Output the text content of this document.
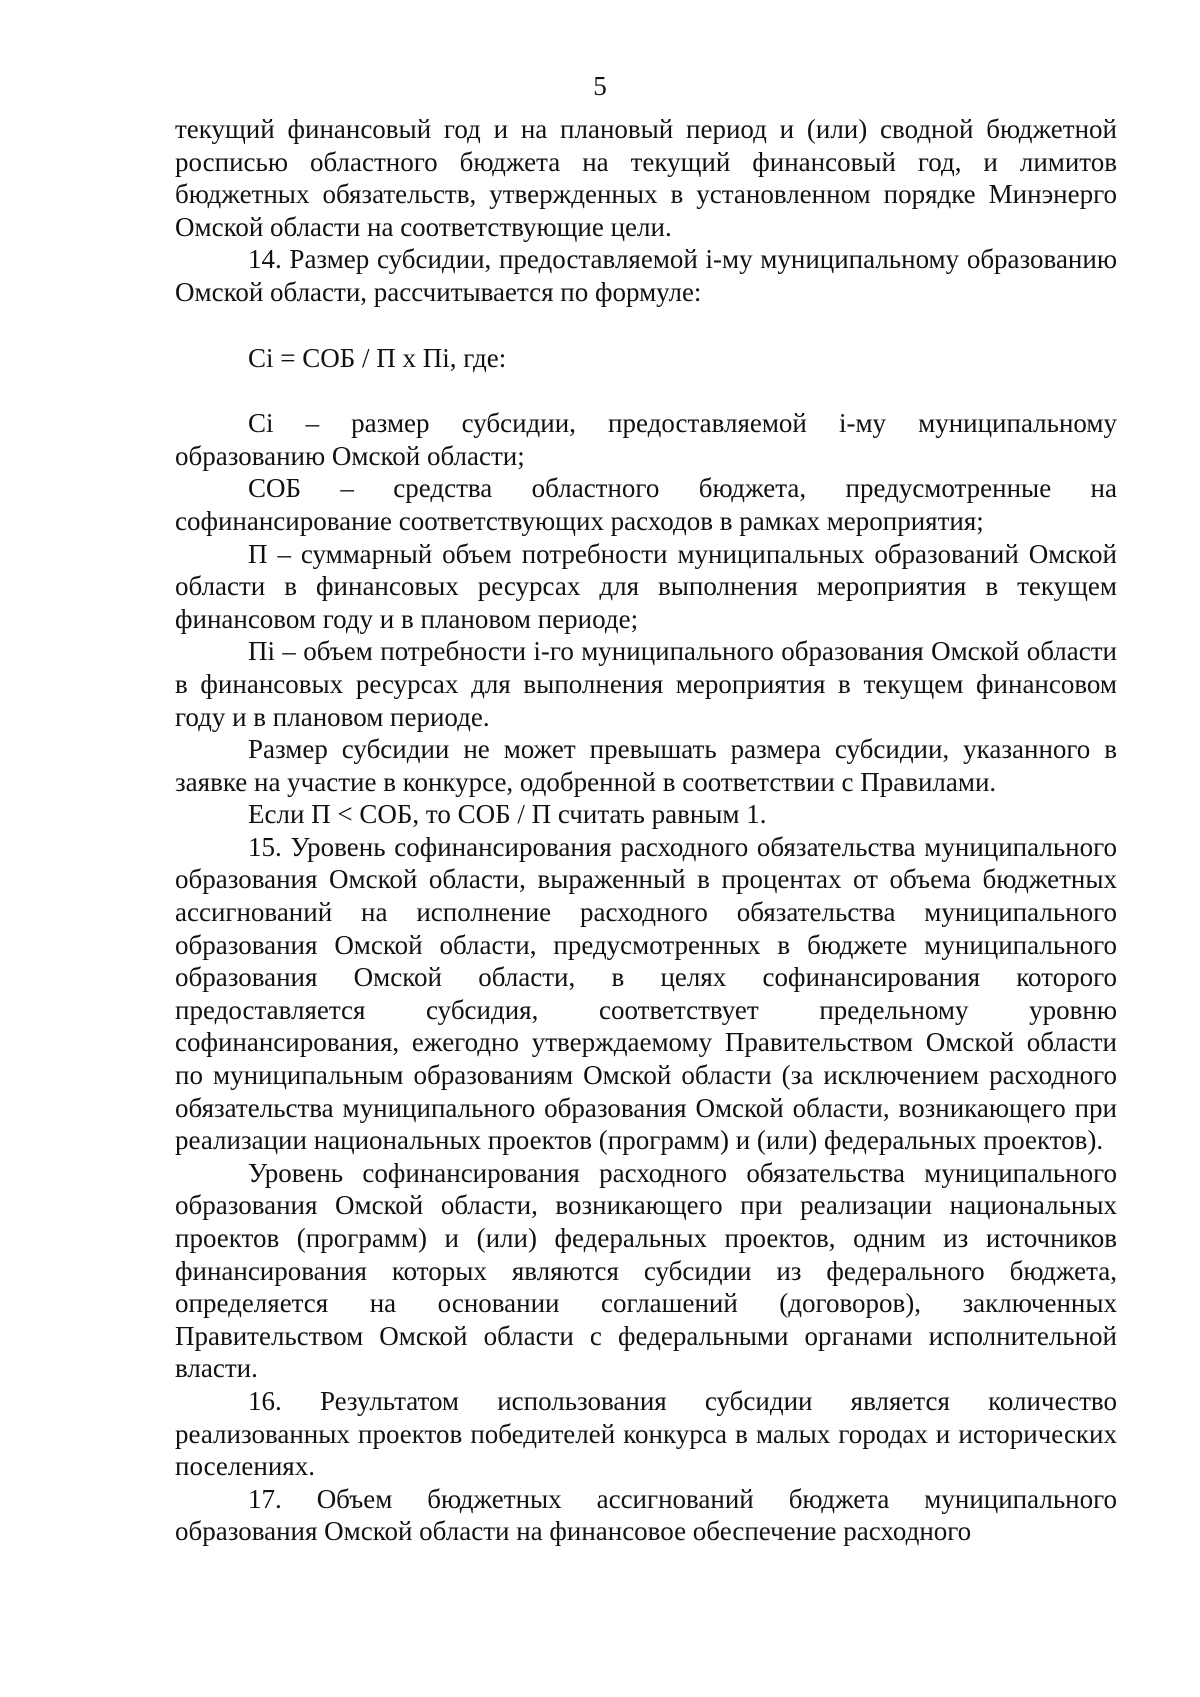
5

текущий финансовый год и на плановый период и (или) сводной бюджетной росписью областного бюджета на текущий финансовый год, и лимитов бюджетных обязательств, утвержденных в установленном порядке Минэнерго Омской области на соответствующие цели.

14. Размер субсидии, предоставляемой i-му муниципальному образованию Омской области, рассчитывается по формуле:

Сi = СОБ / П х Пi, где:

Сi – размер субсидии, предоставляемой i-му муниципальному образованию Омской области;

СОБ – средства областного бюджета, предусмотренные на софинансирование соответствующих расходов в рамках мероприятия;

П – суммарный объем потребности муниципальных образований Омской области в финансовых ресурсах для выполнения мероприятия в текущем финансовом году и в плановом периоде;

Пi – объем потребности i-го муниципального образования Омской области в финансовых ресурсах для выполнения мероприятия в текущем финансовом году и в плановом периоде.

Размер субсидии не может превышать размера субсидии, указанного в заявке на участие в конкурсе, одобренной в соответствии с Правилами.

Если П < СОБ, то СОБ / П считать равным 1.

15. Уровень софинансирования расходного обязательства муниципального образования Омской области, выраженный в процентах от объема бюджетных ассигнований на исполнение расходного обязательства муниципального образования Омской области, предусмотренных в бюджете муниципального образования Омской области, в целях софинансирования которого предоставляется субсидия, соответствует предельному уровню софинансирования, ежегодно утверждаемому Правительством Омской области по муниципальным образованиям Омской области (за исключением расходного обязательства муниципального образования Омской области, возникающего при реализации национальных проектов (программ) и (или) федеральных проектов).

Уровень софинансирования расходного обязательства муниципального образования Омской области, возникающего при реализации национальных проектов (программ) и (или) федеральных проектов, одним из источников финансирования которых являются субсидии из федерального бюджета, определяется на основании соглашений (договоров), заключенных Правительством Омской области с федеральными органами исполнительной власти.

16. Результатом использования субсидии является количество реализованных проектов победителей конкурса в малых городах и исторических поселениях.

17. Объем бюджетных ассигнований бюджета муниципального образования Омской области на финансовое обеспечение расходного
